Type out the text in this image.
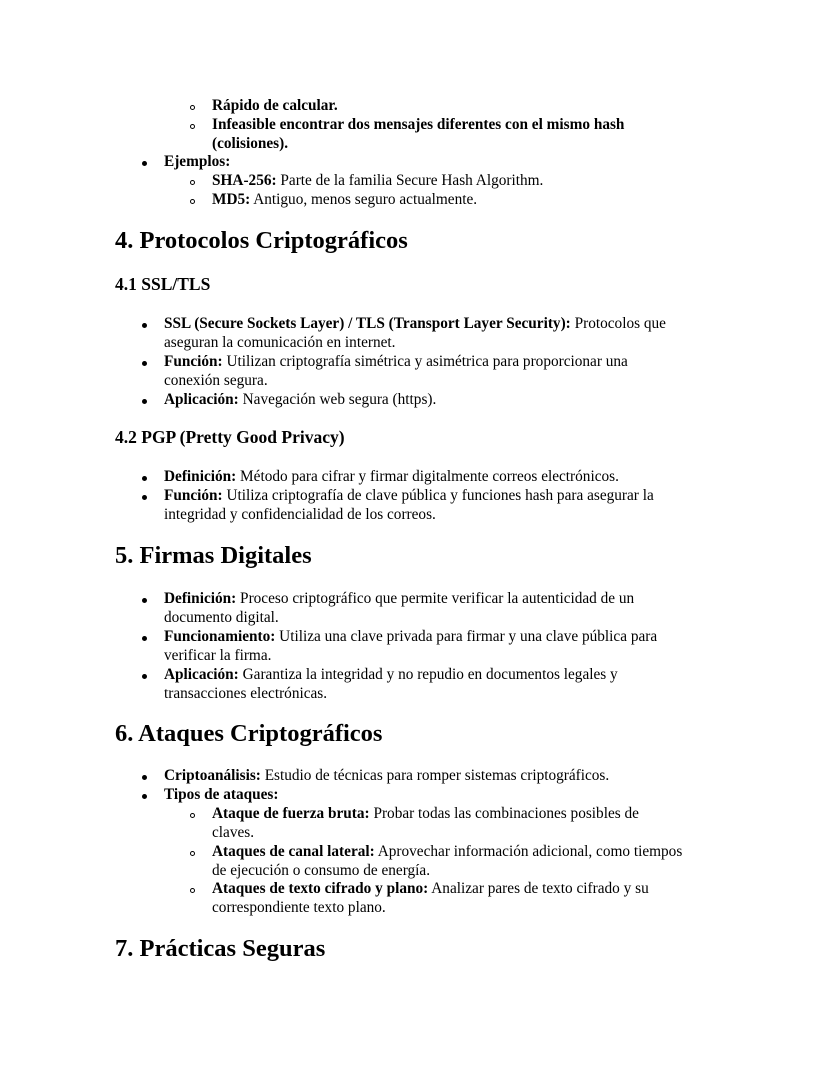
Rápido de calcular.
Infeasible encontrar dos mensajes diferentes con el mismo hash
(colisiones).
Ejemplos:
SHA-256: Parte de la familia Secure Hash Algorithm.
MD5: Antiguo, menos seguro actualmente.
4. Protocolos Criptográficos
4.1 SSL/TLS
SSL (Secure Sockets Layer) / TLS (Transport Layer Security): Protocolos que
aseguran la comunicación en internet.
Función: Utilizan criptografía simétrica y asimétrica para proporcionar una
conexión segura.
Aplicación: Navegación web segura (https).
4.2 PGP (Pretty Good Privacy)
Definición: Método para cifrar y firmar digitalmente correos electrónicos.
Función: Utiliza criptografía de clave pública y funciones hash para asegurar la
integridad y confidencialidad de los correos.
5. Firmas Digitales
Definición: Proceso criptográfico que permite verificar la autenticidad de un
documento digital.
Funcionamiento: Utiliza una clave privada para firmar y una clave pública para
verificar la firma.
Aplicación: Garantiza la integridad y no repudio en documentos legales y
transacciones electrónicas.
6. Ataques Criptográficos
Criptoanálisis: Estudio de técnicas para romper sistemas criptográficos.
Tipos de ataques:
Ataque de fuerza bruta: Probar todas las combinaciones posibles de
claves.
Ataques de canal lateral: Aprovechar información adicional, como tiempos
de ejecución o consumo de energía.
Ataques de texto cifrado y plano: Analizar pares de texto cifrado y su
correspondiente texto plano.
7. Prácticas Seguras
